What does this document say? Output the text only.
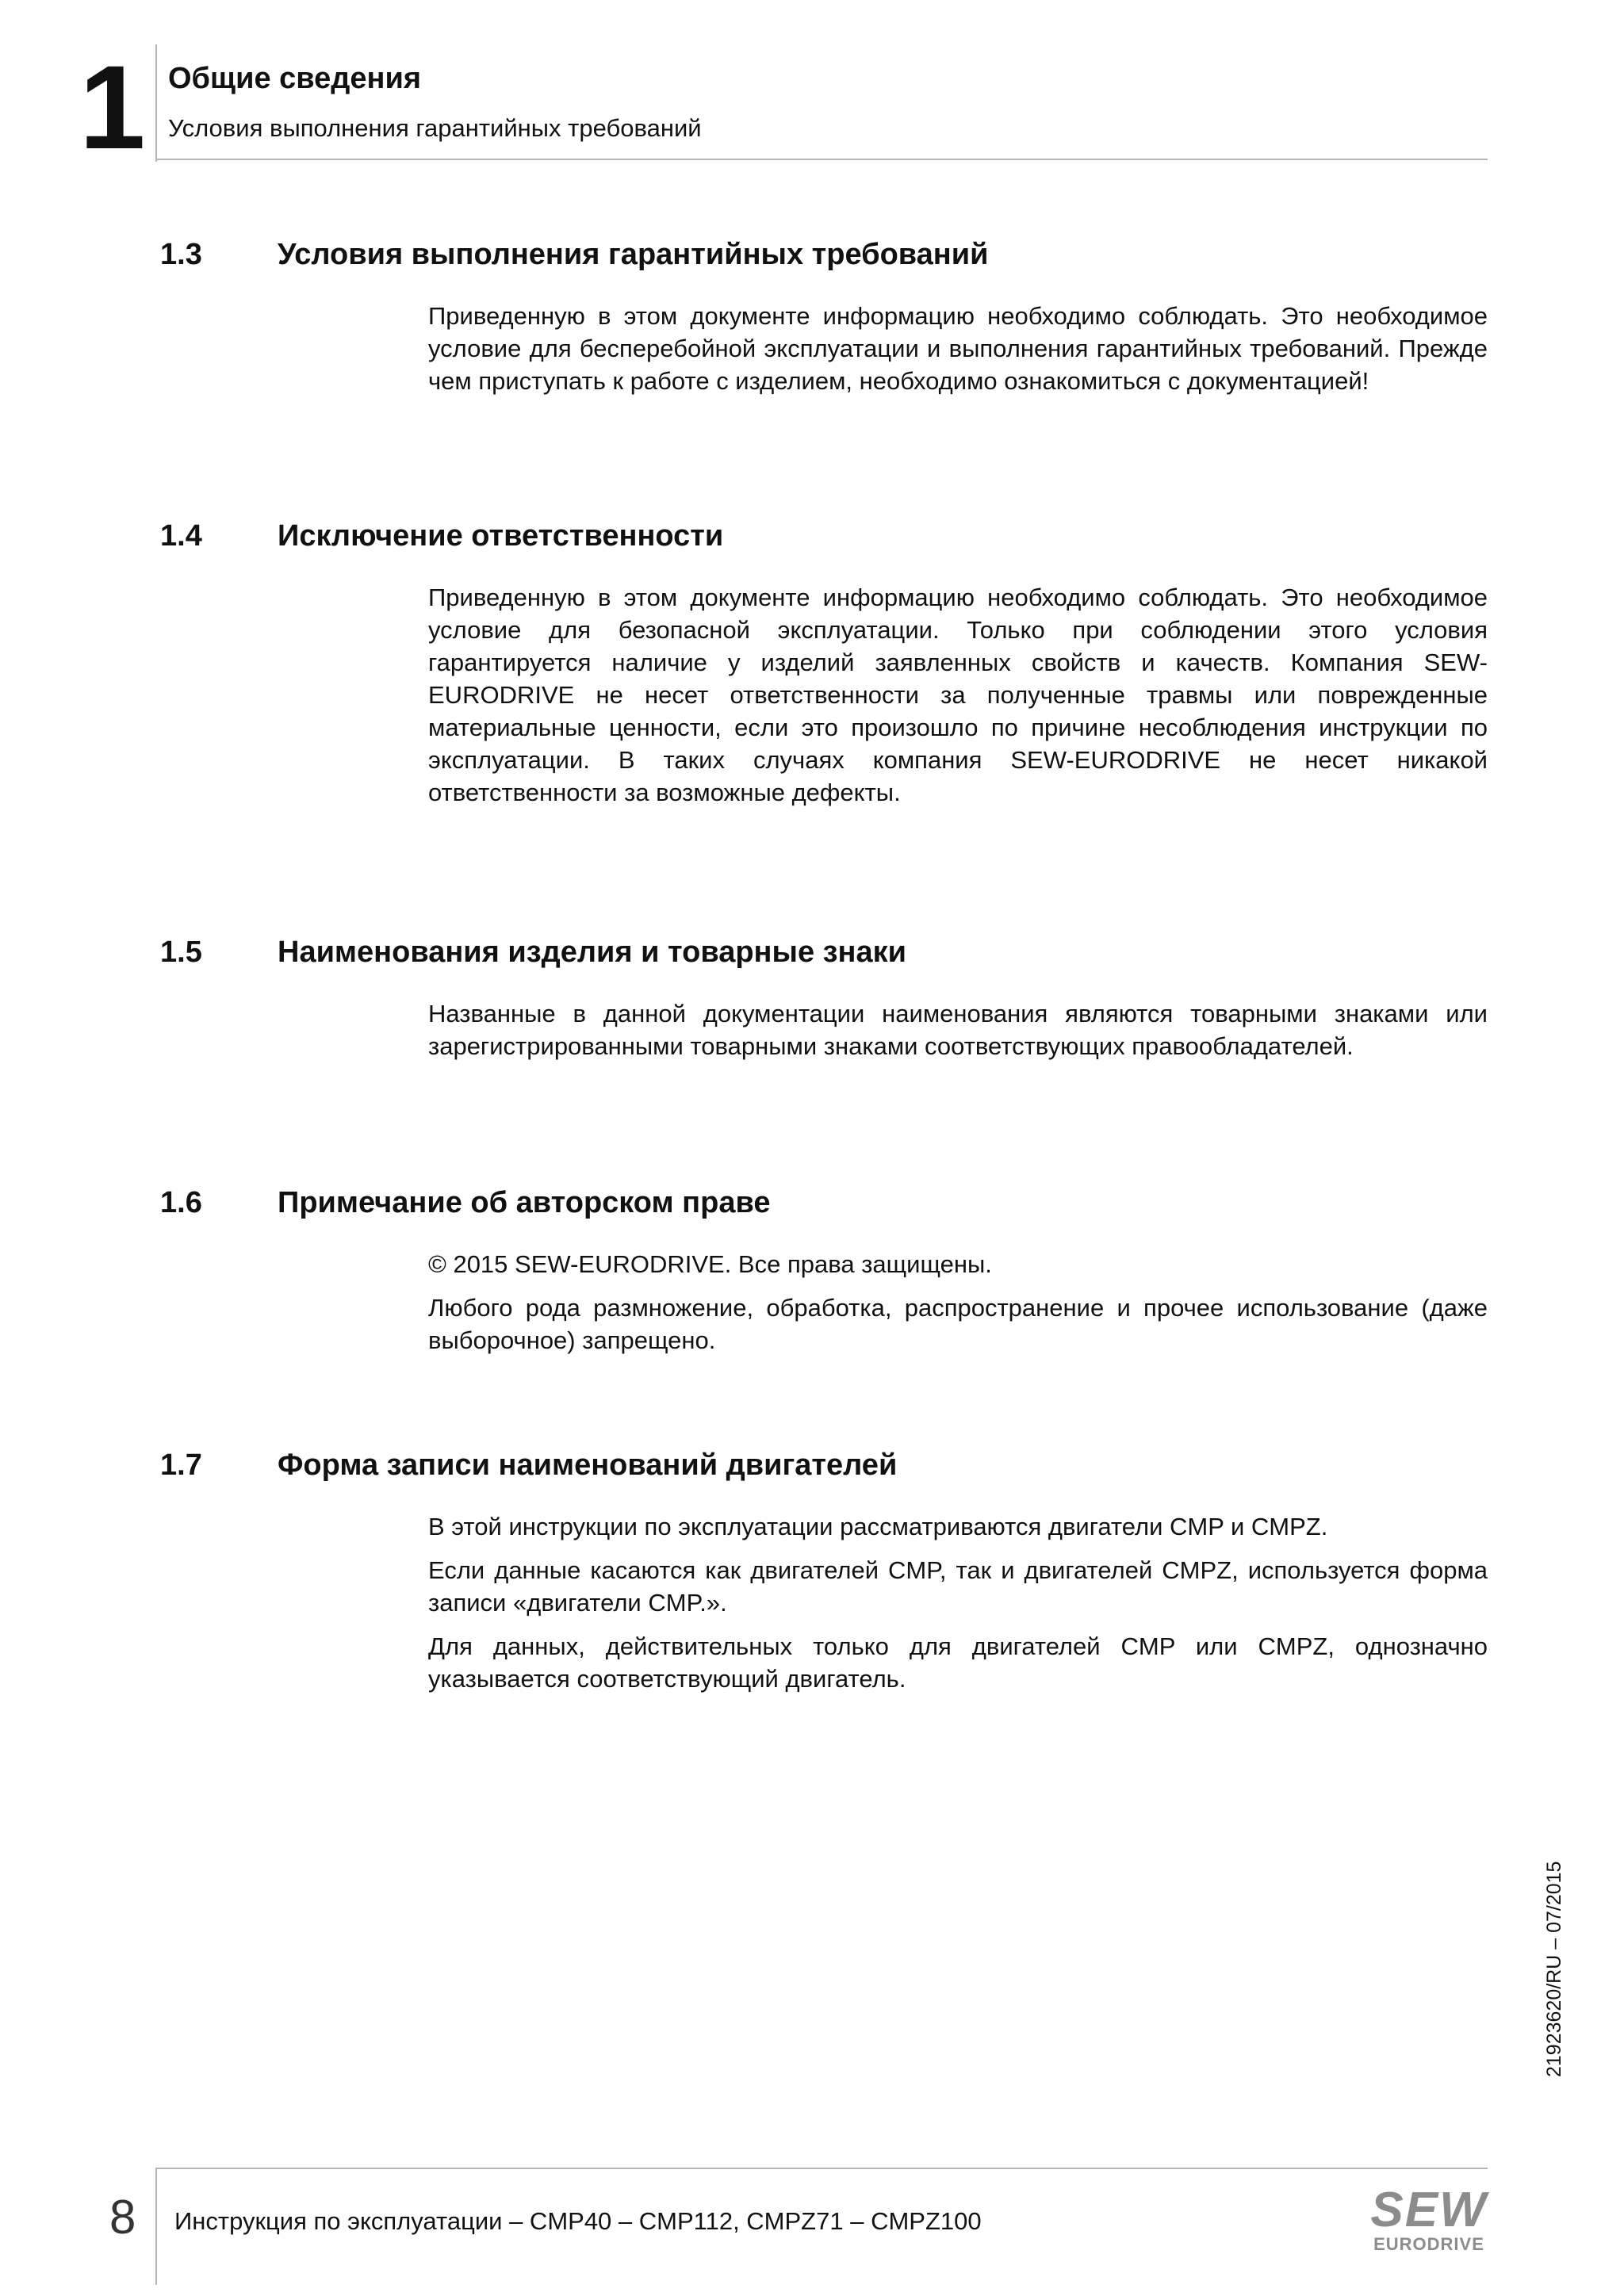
1 Общие сведения
Условия выполнения гарантийных требований
1.3	Условия выполнения гарантийных требований

Приведенную в этом документе информацию необходимо соблюдать. Это необходимое условие для бесперебойной эксплуатации и выполнения гарантийных требований. Прежде чем приступать к работе с изделием, необходимо ознакомиться с документацией!

1.4	Исключение ответственности

Приведенную в этом документе информацию необходимо соблюдать. Это необходимое условие для безопасной эксплуатации. Только при соблюдении этого условия гарантируется наличие у изделий заявленных свойств и качеств. Компания SEW-EURODRIVE не несет ответственности за полученные травмы или поврежденные материальные ценности, если это произошло по причине несоблюдения инструкции по эксплуатации. В таких случаях компания SEW-EURODRIVE не несет никакой ответственности за возможные дефекты.

1.5	Наименования изделия и товарные знаки

Названные в данной документации наименования являются товарными знаками или зарегистрированными товарными знаками соответствующих правообладателей.

1.6	Примечание об авторском праве

© 2015 SEW-EURODRIVE. Все права защищены.

Любого рода размножение, обработка, распространение и прочее использование (даже выборочное) запрещено.

1.7	Форма записи наименований двигателей

В этой инструкции по эксплуатации рассматриваются двигатели CMP и CMPZ.

Если данные касаются как двигателей CMP, так и двигателей CMPZ, используется форма записи «двигатели CMP.».

Для данных, действительных только для двигателей CMP или CMPZ, однозначно указывается соответствующий двигатель.

21923620/RU – 07/2015
8 Инструкция по эксплуатации – CMP40 – CMP112, CMPZ71 – CMPZ100	SEW
EURODRIVE
